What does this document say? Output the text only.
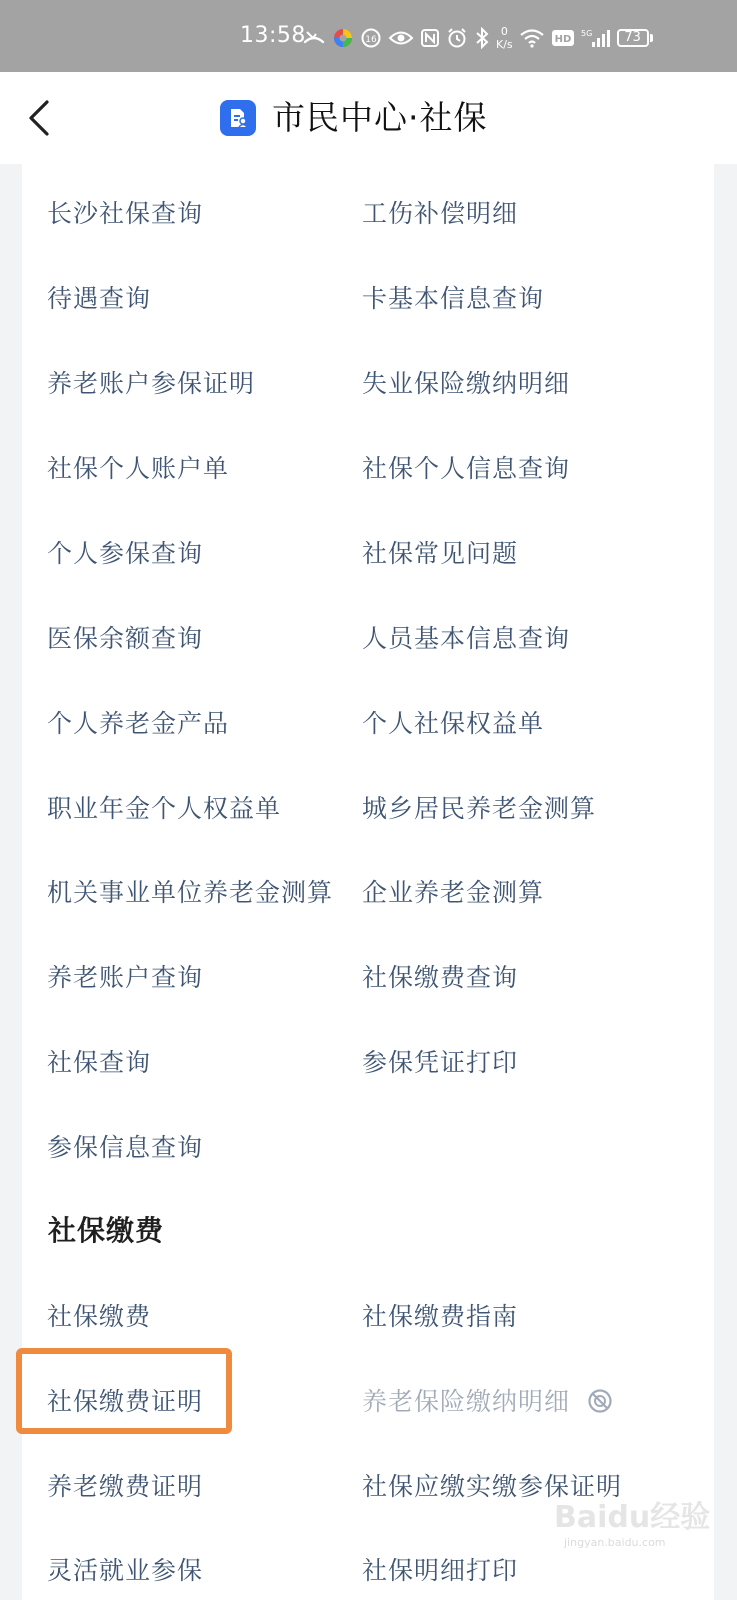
13:58	16
0
K/s	HD
5G	73
市民中心·社保
长沙社保查询	工伤补偿明细
待遇查询	卡基本信息查询
养老账户参保证明	失业保险缴纳明细
社保个人账户单	社保个人信息查询
个人参保查询	社保常见问题
医保余额查询	人员基本信息查询
个人养老金产品	个人社保权益单
职业年金个人权益单	城乡居民养老金测算
机关事业单位养老金测算 企业养老金测算
养老账户查询	社保缴费查询
社保查询	参保凭证打印
参保信息查询
社保缴费
社保缴费	社保缴费指南
社保缴费证明	养老保险缴纳明细
养老缴费证明	社保应缴实缴参保证明
灵活就业参保	社保明细打印
Baidu经验
jingyan.baidu.com
